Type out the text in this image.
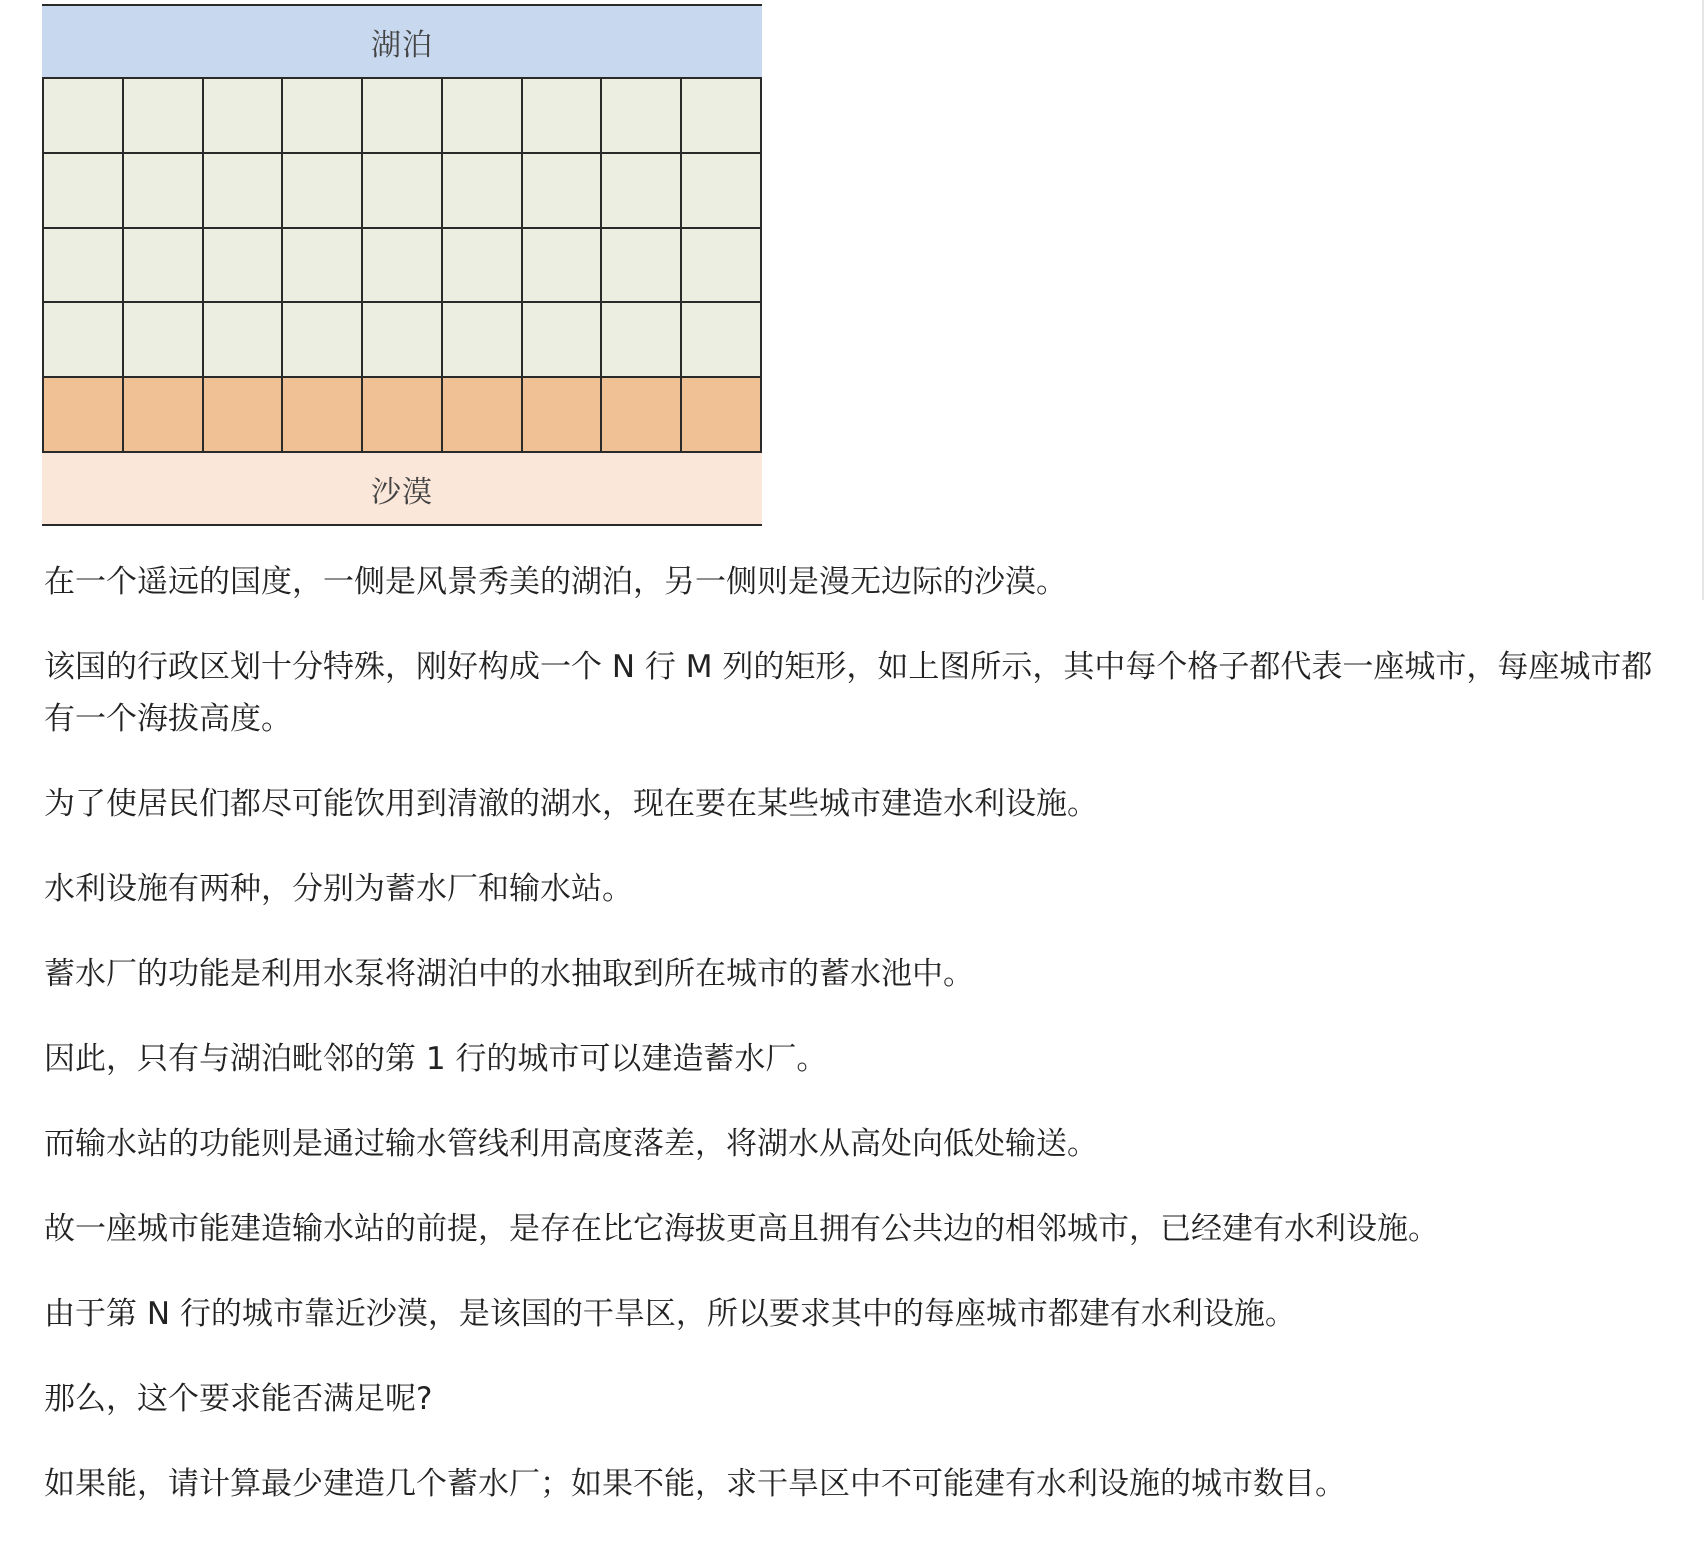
湖泊
沙漠

在一个遥远的国度，一侧是风景秀美的湖泊，另一侧则是漫无边际的沙漠。

该国的行政区划十分特殊，刚好构成一个 N 行 M 列的矩形，如上图所示，其中每个格子都代表一座城市，每座城市都有一个海拔高度。

为了使居民们都尽可能饮用到清澈的湖水，现在要在某些城市建造水利设施。

水利设施有两种，分别为蓄水厂和输水站。

蓄水厂的功能是利用水泵将湖泊中的水抽取到所在城市的蓄水池中。

因此，只有与湖泊毗邻的第 1 行的城市可以建造蓄水厂。

而输水站的功能则是通过输水管线利用高度落差，将湖水从高处向低处输送。

故一座城市能建造输水站的前提，是存在比它海拔更高且拥有公共边的相邻城市，已经建有水利设施。

由于第 N 行的城市靠近沙漠，是该国的干旱区，所以要求其中的每座城市都建有水利设施。

那么，这个要求能否满足呢?

如果能，请计算最少建造几个蓄水厂；如果不能，求干旱区中不可能建有水利设施的城市数目。
